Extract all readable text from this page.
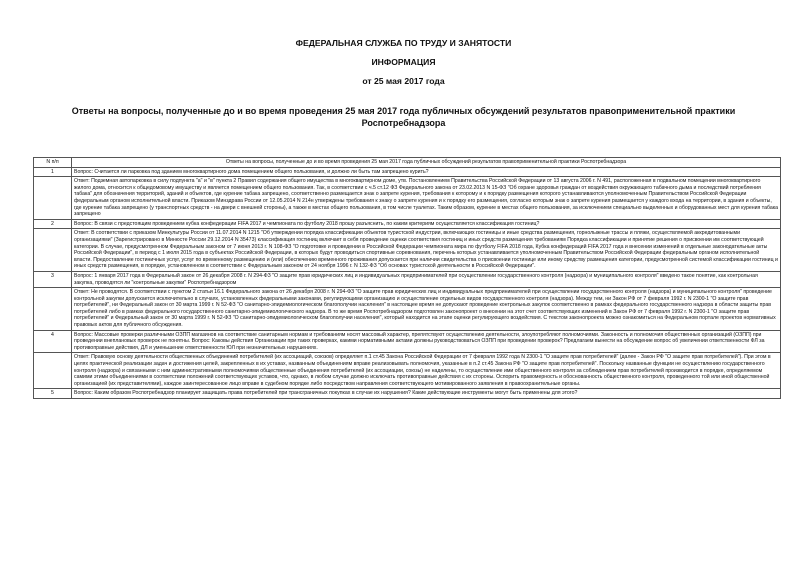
ФЕДЕРАЛЬНАЯ СЛУЖБА ПО ТРУДУ И ЗАНЯТОСТИ
ИНФОРМАЦИЯ
от 25 мая 2017 года
Ответы на вопросы, полученные до и во время проведения 25 мая 2017 года публичных обсуждений результатов правоприменительной практики
Роспотребнадзора
N п/п	Ответы на вопросы, полученные до и во время проведения 25 мая 2017 года публичных обсуждений результатов правоприменительной практики Роспотребнадзора
1	Вопрос: Считается ли парковка под зданием многоквартирного дома помещением общего пользования, и должно ли быть там запрещено курить?
	Ответ: Подземная автопарковка в силу подпункта "а" и "в" пункта 2 Правил содержания общего имущества в многоквартирном доме, утв. Постановлением Правительства Российской Федерации от 13 августа 2006 г. N 491, расположенная в подвальном помещении многоквартирного жилого дома, относится к общедомовому имуществу и является помещением общего пользования. Так, в соответствии с ч.5 ст.12 ФЗ Федерального закона от 23.02.2013 N 15-ФЗ "Об охране здоровья граждан от воздействия окружающего табачного дыма и последствий потребления табака" для обозначения территорий, зданий и объектов, где курение табака запрещено, соответственно размещается знак о запрете курения, требования к которому и к порядку размещения которого устанавливаются уполномоченным Правительством Российской Федерации федеральным органом исполнительной власти. Приказом Минздрава России от 12.05.2014 N 214н утверждены требования к знаку о запрете курения и к порядку его размещения, согласно которым знак о запрете курения размещается у каждого входа на территории, в здания и объекты, где курение табака запрещено (у транспортных средств - на двери с внешней стороны), а также в местах общего пользования, в том числе туалетах. Таким образом, курение в местах общего пользования, за исключением специально выделенных и оборудованных мест для курения табака запрещено
2	Вопрос: В связи с предстоящим проведением кубка конфедерации FIFA 2017 и чемпионата по футболу 2018 прошу разъяснить, по каким критериям осуществляется классификация гостиниц?
	Ответ: В соответствии с приказом Минкультуры России от 11.07.2014 N 1215 "Об утверждении порядка классификации объектов туристской индустрии, включающих гостиницы и иные средства размещения, горнолыжные трассы и пляжи, осуществляемой аккредитованными организациями" (Зарегистрировано в Минюсте России 29.12.2014 N 35473) классификация гостиниц включает в себя проведение оценки соответствия гостиниц и иных средств размещения требованиям Порядка классификации и принятие решения о присвоении им соответствующей категории. В случае, предусмотренном Федеральным законом от 7 июня 2013 г. N 108-ФЗ "О подготовке и проведении в Российской Федерации чемпионата мира по футболу FIFA 2018 года, Кубка конфедераций FIFA 2017 года и внесении изменений в отдельные законодательные акты Российской Федерации", в период с 1 июля 2015 года в субъектах Российской Федерации, в которых будут проводиться спортивные соревнования, перечень которых устанавливается уполномоченным Правительством Российской Федерации федеральным органом исполнительной власти. Предоставление гостиничных услуг, услуг по временному размещению и (или) обеспечению временного проживания допускается при наличии свидетельства о присвоении гостинице или иному средству размещения категории, предусмотренной системой классификации гостиниц и иных средств размещения, в порядке, установленном в соответствии с Федеральным законом от 24 ноября 1996 г. N 132-ФЗ "Об основах туристской деятельности в Российской Федерации".
3	Вопрос: 1 января 2017 года в Федеральный закон от 26 декабря 2008 г. N 294-ФЗ "О защите прав юридических лиц и индивидуальных предпринимателей при осуществлении государственного контроля (надзора) и муниципального контроля" введено такое понятие, как контрольная закупка, проводятся ли "контрольные закупки" Роспотребнадзором
	Ответ: Не проводятся. В соответствии с пунктом 2 статьи 16.1 Федерального закона от 26 декабря 2008 г. N 294-ФЗ "О защите прав юридических лиц и индивидуальных предпринимателей при осуществлении государственного контроля (надзора) и муниципального контроля" проведение контрольной закупки допускается исключительно в случаях, установленных федеральными законами, регулирующими организацию и осуществление отдельных видов государственного контроля (надзора). Между тем, ни Закон РФ от 7 февраля 1992 г. N 2300-1 "О защите прав потребителей", ни Федеральный закон от 30 марта 1999 г. N 52-ФЗ "О санитарно-эпидемиологическом благополучии населения" в настоящее время не допускают проведение контрольных закупок соответственно в рамках федерального государственного надзора в области защиты прав потребителей либо в рамках федерального государственного санитарно-эпидемиологического надзора. В то же время Роспотребнадзором подготовлен законопроект о внесении на этот счет соответствующих изменений в Закон РФ от 7 февраля 1992 г. N 2300-1 "О защите прав потребителей" и Федеральный закон от 30 марта 1999 г. N 52-ФЗ "О санитарно-эпидемиологическом благополучии населения", который находится на этапе оценки регулирующего воздействия. С текстом законопроекта можно ознакомиться на Федеральном портале проектов нормативных правовых актов для публичного обсуждения.
4	Вопрос: Массовые проверки различными ОЗПП магазинов на соответствие санитарным нормам и требованиям носят массовый характер, препятствуют осуществлению деятельности, злоупотребляют полномочиями. Законность и полномочия общественных организаций (ОЗПП) при проведении внеплановых проверок не понятны. Вопрос: Каковы действия Организации при таких проверках, какими нормативными актами должны руководствоваться ОЗПП при проведении проверок? Предлагаем вынести на обсуждение вопрос об увеличении ответственности ФЛ за противоправные действия, ДЛ и уменьшение ответственности ЮЛ при незначительных нарушениях.
	Ответ: Правовую основу деятельности общественных объединений потребителей (их ассоциаций, союзов) определяет п.1 ст.45 Закона Российской Федерации от 7 февраля 1992 года N 2300-1 "О защите прав потребителей" (далее - Закон РФ "О защите прав потребителей"). При этом в целях практической реализации задач и достижения целей, закрепленных в их уставах, названным объединениям вправе реализовывать полномочия, указанные в п.2 ст.45 Закона РФ "О защите прав потребителей". Поскольку названные функции не осуществлению государственного контроля (надзора) и связанными с ним административными полномочиями общественные объединения потребителей (их ассоциации, союзы) не наделены, то осуществление ими общественного контроля за соблюдением прав потребителей производится в порядке, определяемом самими этими объединениями в соответствии положений соответствующих уставов, что, однако, в любом случае должно исключать противоправные действия с их стороны. Оспорить правомерность и обоснованность общественного контроля, проведенного той или иной общественной организацией (их представителями), каждое заинтересованное лицо вправе в судебном порядке либо посредством направления соответствующего мотивированного заявления в правоохранительные органы.
5	Вопрос: Каким образом Роспотребнадзор планирует защищать права потребителей при трансграничных покупках в случае их нарушения? Какие действующие инструменты могут быть применены для этого?
